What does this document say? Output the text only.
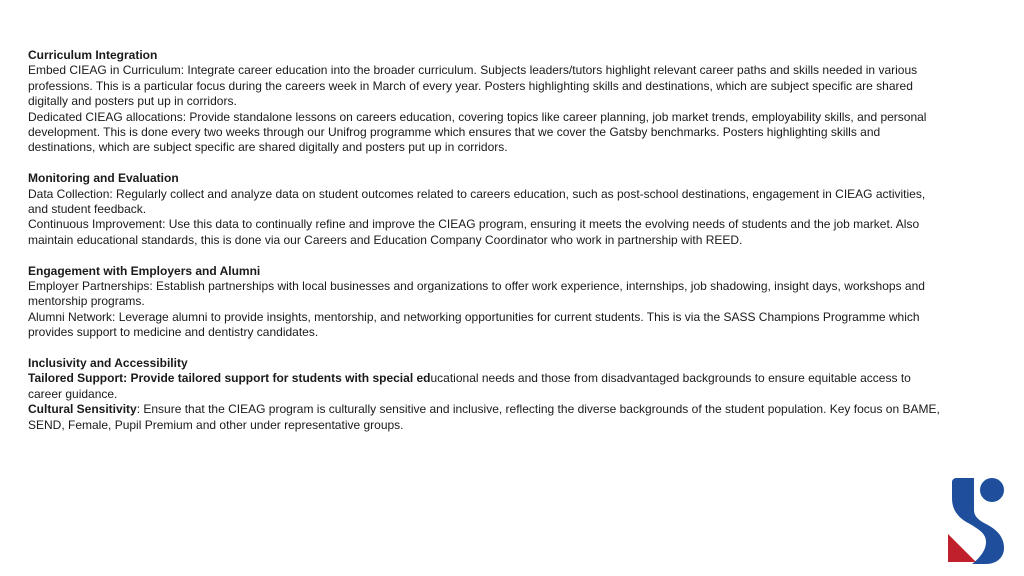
Curriculum Integration

Embed CIEAG in Curriculum: Integrate career education into the broader curriculum. Subjects leaders/tutors highlight relevant career paths and skills needed in various professions. This is a particular focus during the careers week in March of every year. Posters highlighting skills and destinations, which are subject specific are shared digitally and posters put up in corridors.

Dedicated CIEAG allocations: Provide standalone lessons on careers education, covering topics like career planning, job market trends, employability skills, and personal development. This is done every two weeks through our Unifrog programme which ensures that we cover the Gatsby benchmarks. Posters highlighting skills and destinations, which are subject specific are shared digitally and posters put up in corridors.

Monitoring and Evaluation

Data Collection: Regularly collect and analyze data on student outcomes related to careers education, such as post-school destinations, engagement in CIEAG activities, and student feedback.

Continuous Improvement: Use this data to continually refine and improve the CIEAG program, ensuring it meets the evolving needs of students and the job market. Also maintain educational standards, this is done via our Careers and Education Company Coordinator who work in partnership with REED.

Engagement with Employers and Alumni

Employer Partnerships: Establish partnerships with local businesses and organizations to offer work experience, internships, job shadowing, insight days, workshops and mentorship programs.

Alumni Network: Leverage alumni to provide insights, mentorship, and networking opportunities for current students. This is via the SASS Champions Programme which provides support to medicine and dentistry candidates.

Inclusivity and Accessibility

Tailored Support: Provide tailored support for students with special educational needs and those from disadvantaged backgrounds to ensure equitable access to career guidance.

Cultural Sensitivity: Ensure that the CIEAG program is culturally sensitive and inclusive, reflecting the diverse backgrounds of the student population. Key focus on BAME, SEND, Female, Pupil Premium and other under representative groups.
